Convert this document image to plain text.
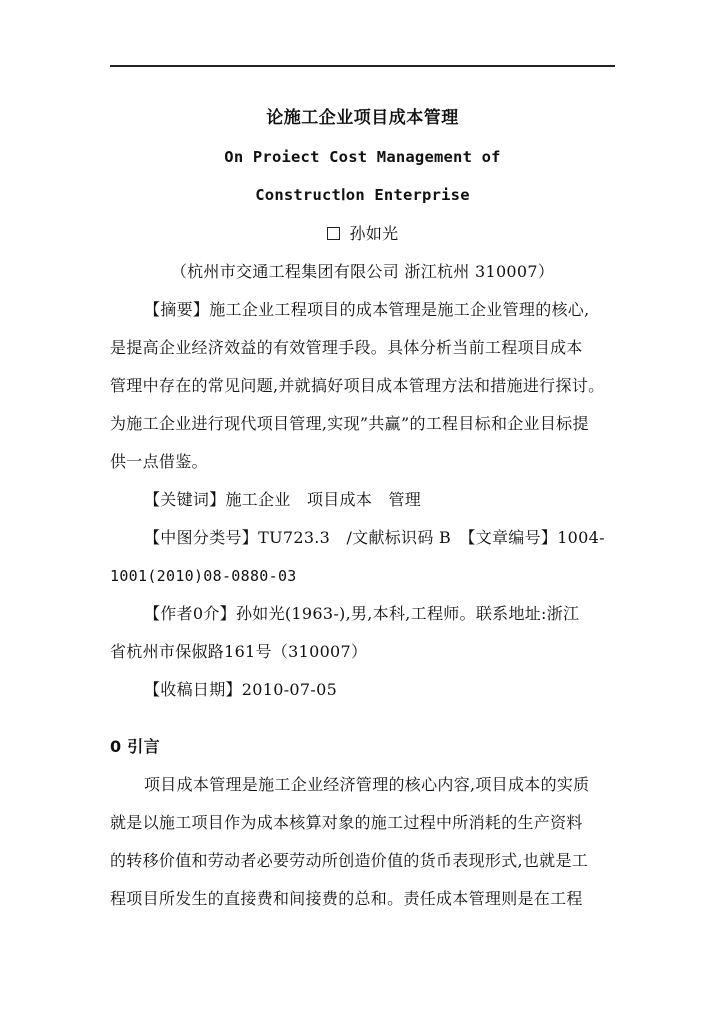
论施工企业项目成本管理
On Proiect Cost Management of
ConstructⅠon Enterprise
孙如光
（杭州市交通工程集团有限公司 浙江杭州 310007）
【摘要】施工企业工程项目的成本管理是施工企业管理的核心,
是提高企业经济效益的有效管理手段。具体分析当前工程项目成本
管理中存在的常见问题,并就搞好项目成本管理方法和措施进行探讨。
为施工企业进行现代项目管理,实现”共赢”的工程目标和企业目标提
供一点借鉴。
【关键词】施工企业　项目成本　管理
【中图分类号】TU723.3　/文献标识码 B　【文章编号】1004-
1001(2010)08-0880-03
【作者0介】孙如光(1963-),男,本科,工程师。联系地址:浙江
省杭州市保俶路161号（310007）
【收稿日期】2010-07-05
0 引言
项目成本管理是施工企业经济管理的核心内容,项目成本的实质
就是以施工项目作为成本核算对象的施工过程中所消耗的生产资料
的转移价值和劳动者必要劳动所创造价值的货币表现形式,也就是工
程项目所发生的直接费和间接费的总和。责任成本管理则是在工程
